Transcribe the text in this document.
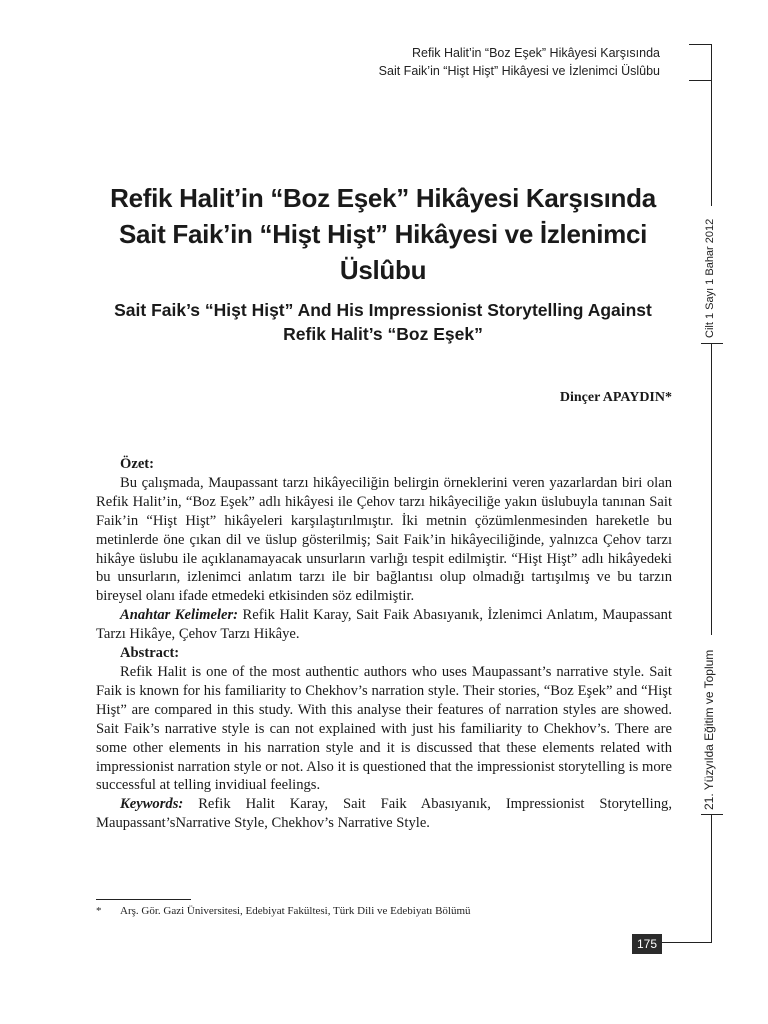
Refik Halit’in “Boz Eşek” Hikâyesi Karşısında
Sait Faik’in “Hişt Hişt” Hikâyesi ve İzlenimci Üslûbu
Cilt 1 Sayı 1 Bahar 2012
21. Yüzyılda Eğitim ve Toplum
Refik Halit’in “Boz Eşek” Hikâyesi Karşısında
Sait Faik’in “Hişt Hişt” Hikâyesi ve İzlenimci
Üslûbu
Sait Faik’s “Hişt Hişt” And His Impressionist Storytelling Against
Refik Halit’s “Boz Eşek”
Dinçer APAYDIN*

Özet:

Bu çalışmada, Maupassant tarzı hikâyeciliğin belirgin örneklerini veren yazarlardan biri olan Refik Halit’in, “Boz Eşek” adlı hikâyesi ile Çehov tarzı hikâyeciliğe yakın üslubuyla tanınan Sait Faik’in “Hişt Hişt” hikâyeleri karşılaştırılmıştır. İki metnin çözümlenmesinden hareketle bu metinlerde öne çıkan dil ve üslup gösterilmiş; Sait Faik’in hikâyeciliğinde, yalnızca Çehov tarzı hikâye üslubu ile açıklanamayacak unsurların varlığı tespit edilmiştir. “Hişt Hişt” adlı hikâyedeki bu unsurların, izlenimci anlatım tarzı ile bir bağlantısı olup olmadığı tartışılmış ve bu tarzın bireysel olanı ifade etmedeki etkisinden söz edilmiştir.

Anahtar Kelimeler: Refik Halit Karay, Sait Faik Abasıyanık, İzlenimci Anlatım, Maupassant Tarzı Hikâye, Çehov Tarzı Hikâye.

Abstract:

Refik Halit is one of the most authentic authors who uses Maupassant’s narrative style. Sait Faik is known for his familiarity to Chekhov’s narration style. Their stories, “Boz Eşek” and “Hişt Hişt” are compared in this study. With this analyse their features of narration styles are showed. Sait Faik’s narrative style is can not explained with just his familiarity to Chekhov’s. There are some other elements in his narration style and it is discussed that these elements related with impressionist narration style or not. Also it is questioned that the impressionist storytelling is more successful at telling invidiual feelings.

Keywords: Refik Halit Karay, Sait Faik Abasıyanık, Impressionist Storytelling, Maupassant’sNarrative Style, Chekhov’s Narrative Style.

* Arş. Gör. Gazi Üniversitesi, Edebiyat Fakültesi, Türk Dili ve Edebiyatı Bölümü
175
